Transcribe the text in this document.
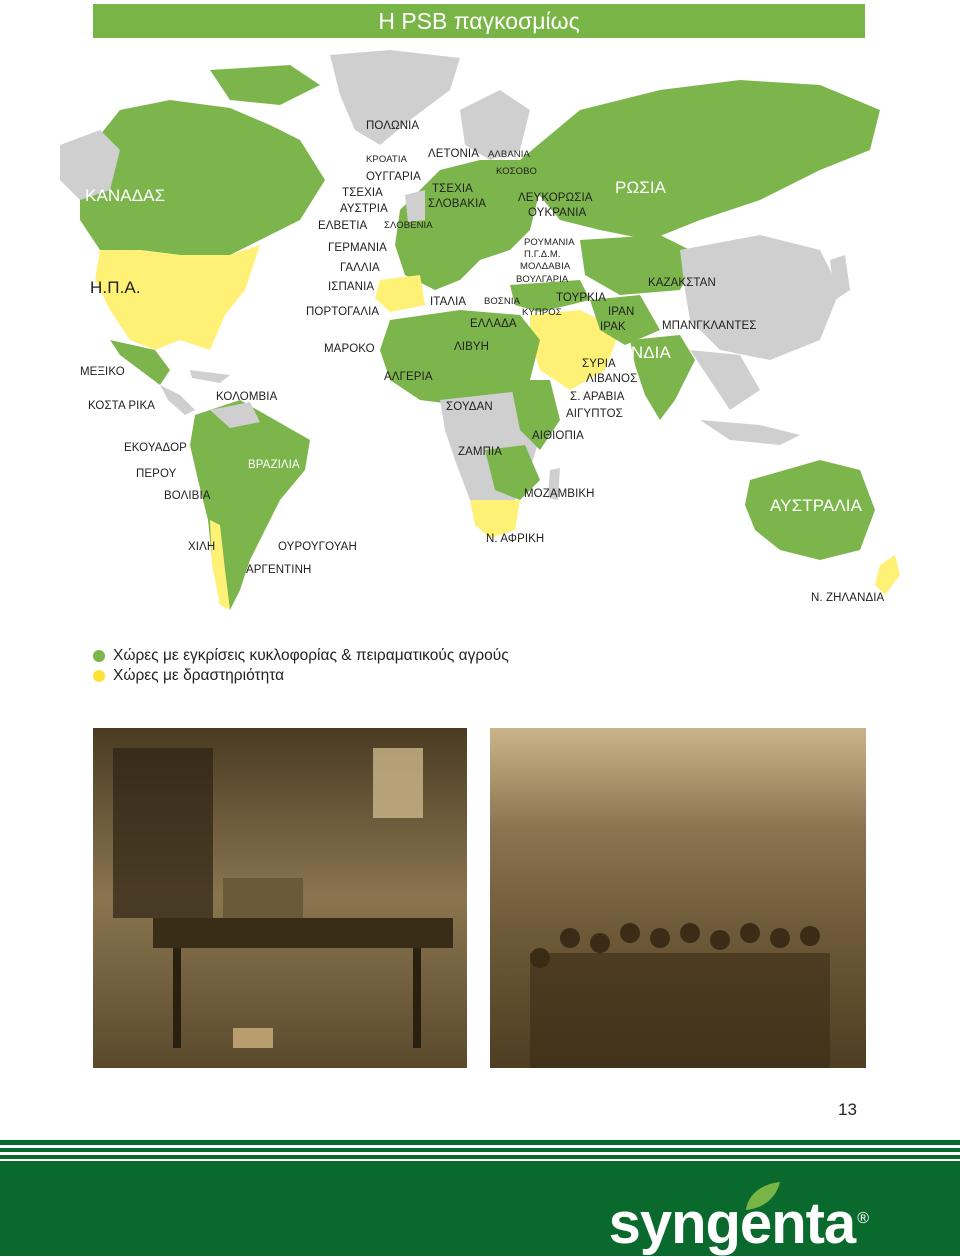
Η PSB παγκοσμίως
ΚΑΝΑΔΑΣ
Η.Π.Α.
ΜΕΞΙΚΟ
ΚΟΣΤΑ ΡΙΚΑ
ΚΟΛΟΜΒΙΑ
ΕΚΟΥΑΔΟΡ
ΠΕΡΟΥ
ΒΡΑΖΙΛΙΑ
ΒΟΛΙΒΙΑ
ΧΙΛΗ	ΟΥΡΟΥΓΟΥΑΗ
ΑΡΓΕΝΤΙΝΗ
ΠΟΛΩΝΙΑ
ΚΡΟΑΤΙΑ ΛΕΤΟΝΙΑ ΑΛΒΑΝΙΑ
ΚΟΣΟΒΟ
ΟΥΓΓΑΡΙΑ
ΤΣΕΧΙΑ	ΤΣΕΧΙΑ
ΣΛΟΒΑΚΙΑ
ΑΥΣΤΡΙΑ
ΣΛΟΒΕΝΙΑ
ΕΛΒΕΤΙΑ
ΛΕΥΚΟΡΩΣΙΑ
ΟΥΚΡΑΝΙΑ
ΓΕΡΜΑΝΙΑ
ΓΑΛΛΙΑ
ΙΣΠΑΝΙΑ
ΠΟΡΤΟΓΑΛΙΑ
ΡΟΥΜΑΝΙΑ
Π.Γ.Δ.Μ.
ΜΟΛΔΑΒΙΑ
ΒΟΥΛΓΑΡΙΑ
ΙΤΑΛΙΑ ΒΟΣΝΙΑ
ΚΥΠΡΟΣ
ΤΟΥΡΚΙΑ
ΕΛΛΑΔΑ
ΙΡΑΝ
ΙΡΑΚ
ΜΑΡΟΚΟ	ΛΙΒΥΗ
ΑΛΓΕΡΙΑ
ΣΥΡΙΑ
ΛΙΒΑΝΟΣ
Σ. ΑΡΑΒΙΑ
ΣΟΥΔΑΝ
ΑΙΓΥΠΤΟΣ
ΑΙΘΙΟΠΙΑ
ΖΑΜΠΙΑ
ΜΟΖΑΜΒΙΚΗ
Ν. ΑΦΡΙΚΗ
ΡΩΣΙΑ
ΚΑΖΑΚΣΤΑΝ
ΜΠΑΝΓΚΛΑΝΤΕΣ
ΙΝΔΙΑ
ΑΥΣΤΡΑΛΙΑ
Ν. ΖΗΛΑΝΔΙΑ
Χώρες με εγκρίσεις κυκλοφορίας & πειραματικούς αγρούς
Χώρες με δραστηριότητα
13
syngenta ®
